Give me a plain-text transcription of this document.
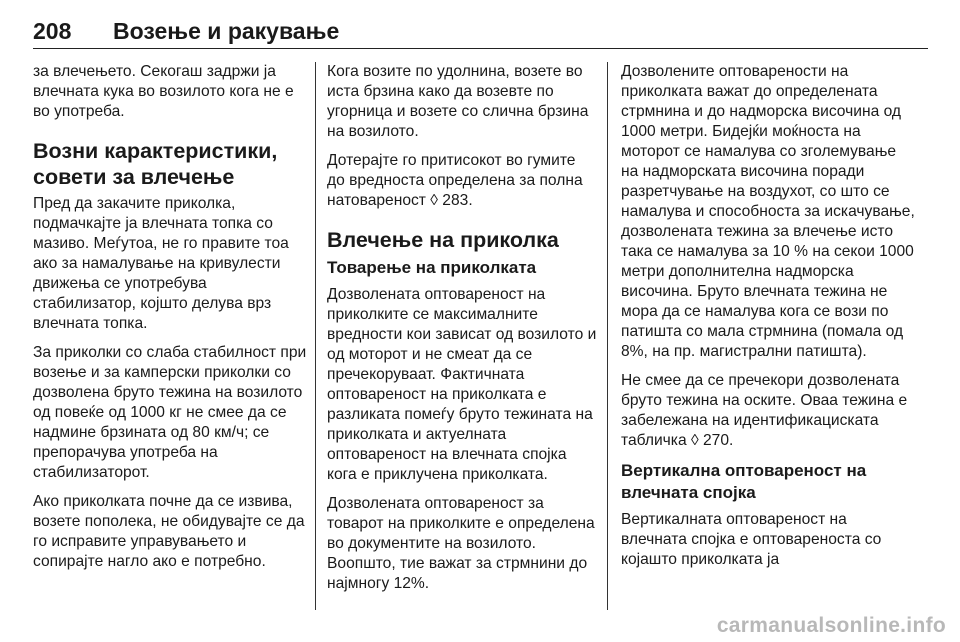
208 Возење и ракување

за влечењето. Секогаш задржи ја влечната кука во возилото кога не е во употреба.

Возни карактеристики, совети за влечење

Пред да закачите приколка, подмачкајте ја влечната топка со мазиво. Меѓутоа, не го правите тоа ако за намалување на кривулести движења се употребува стабилизатор, којшто делува врз влечната топка.

За приколки со слаба стабилност при возење и за камперски приколки со дозволена бруто тежина на возилото од повеќе од 1000 кг не смее да се надмине брзината од 80 км/ч; се препорачува употреба на стабилизаторот.

Ако приколката почне да се извива, возете пополека, не обидувајте се да го исправите управувањето и сопирајте нагло ако е потребно.

Кога возите по удолнина, возете во иста брзина како да возевте по угорница и возете со слична брзина на возилото.

Дотерајте го притисокот во гумите до вредноста определена за полна натовареност ◊ 283.

Влечење на приколка
Товарење на приколката

Дозволената оптовареност на приколките се максималните вредности кои зависат од возилото и од моторот и не смеат да се пречекоруваат. Фактичната оптовареност на приколката е разликата помеѓу бруто тежината на приколката и актуелната оптовареност на влечната спојка кога е приклучена приколката.

Дозволената оптовареност за товарот на приколките е определена во документите на возилото. Воопшто, тие важат за стрмнини до најмногу 12%.

Дозволените оптоварености на приколката важат до определената стрмнина и до надморска височина од 1000 метри. Бидејќи моќноста на моторот се намалува со зголемување на надморската височина поради разретчување на воздухот, со што се намалува и способноста за искачување, дозволената тежина за влечење исто така се намалува за 10 % на секои 1000 метри дополнителна надморска височина. Бруто влечната тежина не мора да се намалува кога се вози по патишта со мала стрмнина (помала од 8%, на пр. магистрални патишта).

Не смее да се пречекори дозволената бруто тежина на оските. Оваа тежина е забележана на идентификациската табличка ◊ 270.

Вертикална оптовареност на влечната спојка

Вертикалната оптовареност на влечната спојка е оптовареноста со којашто приколката ја

carmanualsonline.info
